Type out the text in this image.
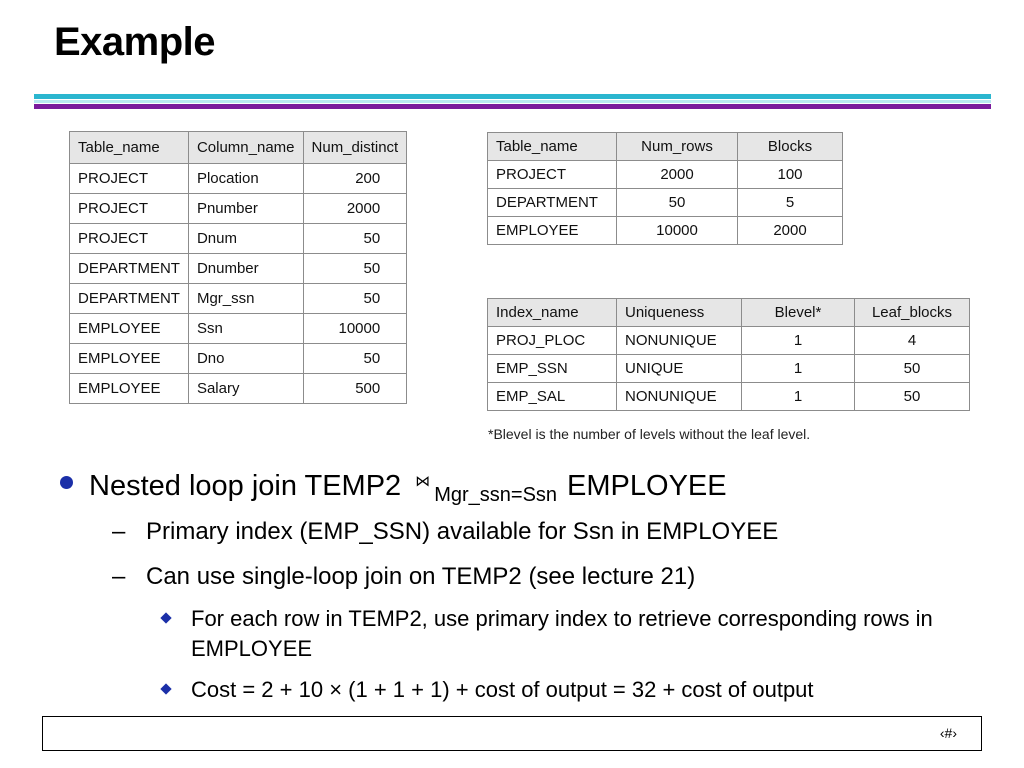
Example
Table_name	Column_name	Num_distinct
PROJECT	Plocation	200
PROJECT	Pnumber	2000
PROJECT	Dnum	50
DEPARTMENT	Dnumber	50
DEPARTMENT	Mgr_ssn	50
EMPLOYEE	Ssn	10000
EMPLOYEE	Dno	50
EMPLOYEE	Salary	500
Table_name	Num_rows	Blocks
PROJECT	2000	100
DEPARTMENT	50	5
EMPLOYEE	10000	2000
Index_name	Uniqueness	Blevel*	Leaf_blocks
PROJ_PLOC	NONUNIQUE	1	4
EMP_SSN	UNIQUE	1	50
EMP_SAL	NONUNIQUE	1	50
*Blevel is the number of levels without the leaf level.
Nested loop join TEMP2 ⋈$_{Mgr\_ssn=Ssn}$ EMPLOYEE
– Primary index (EMP_SSN) available for Ssn in EMPLOYEE
– Can use single-loop join on TEMP2 (see lecture 21)
For each row in TEMP2, use primary index to retrieve corresponding rows in EMPLOYEE
Cost = 2 + 10 × (1 + 1 + 1) + cost of output = 32 + cost of output
‹#›
